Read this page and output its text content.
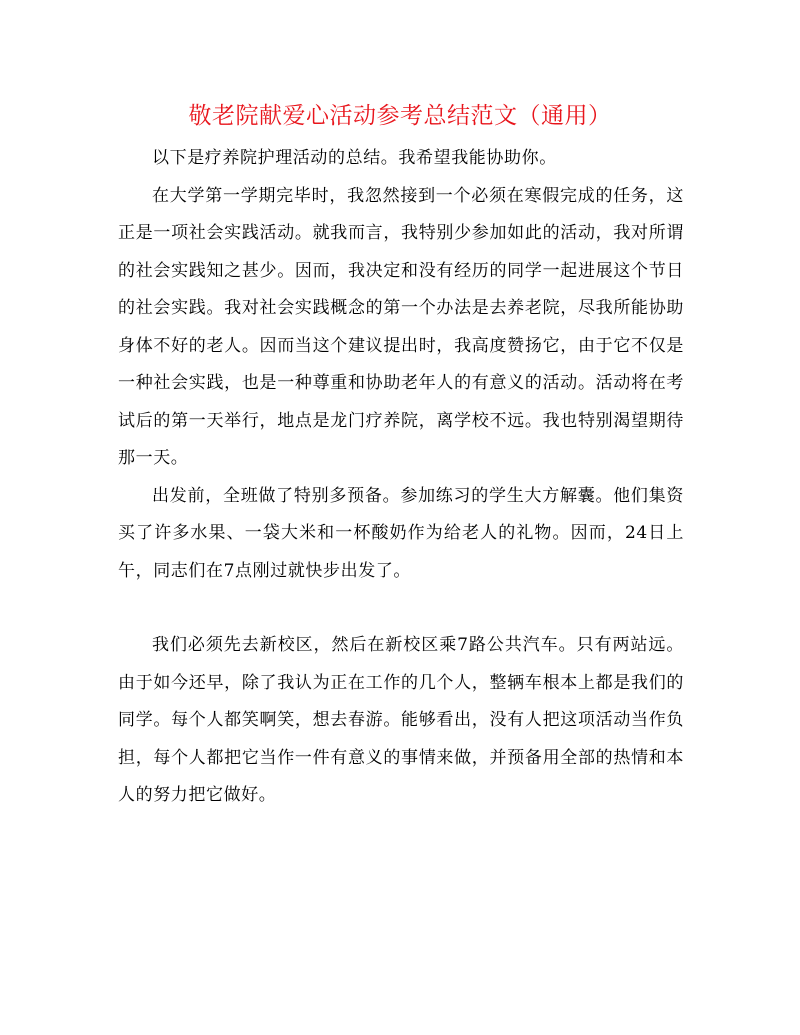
敬老院献爱心活动参考总结范文（通用）

以下是疗养院护理活动的总结。我希望我能协助你。

在大学第一学期完毕时，我忽然接到一个必须在寒假完成的任务，这正是一项社会实践活动。就我而言，我特别少参加如此的活动，我对所谓的社会实践知之甚少。因而，我决定和没有经历的同学一起进展这个节日的社会实践。我对社会实践概念的第一个办法是去养老院，尽我所能协助身体不好的老人。因而当这个建议提出时，我高度赞扬它，由于它不仅是一种社会实践，也是一种尊重和协助老年人的有意义的活动。活动将在考试后的第一天举行，地点是龙门疗养院，离学校不远。我也特别渴望期待那一天。

出发前，全班做了特别多预备。参加练习的学生大方解囊。他们集资买了许多水果、一袋大米和一杯酸奶作为给老人的礼物。因而，24日上午，同志们在7点刚过就快步出发了。

我们必须先去新校区，然后在新校区乘7路公共汽车。只有两站远。由于如今还早，除了我认为正在工作的几个人，整辆车根本上都是我们的同学。每个人都笑啊笑，想去春游。能够看出，没有人把这项活动当作负担，每个人都把它当作一件有意义的事情来做，并预备用全部的热情和本人的努力把它做好。
